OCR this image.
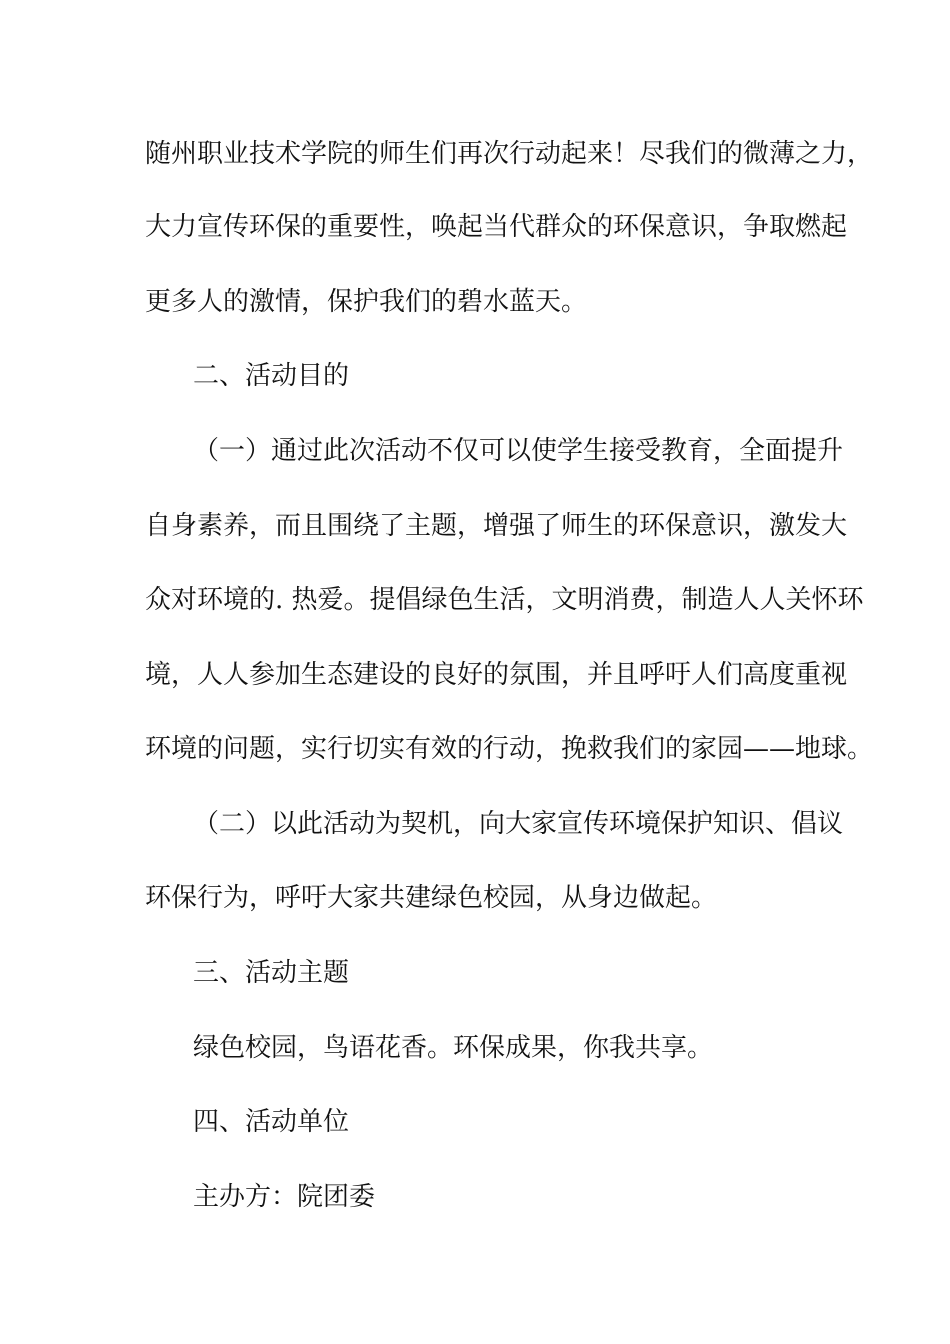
随州职业技术学院的师生们再次行动起来！尽我们的微薄之力，
大力宣传环保的重要性，唤起当代群众的环保意识，争取燃起
更多人的激情，保护我们的碧水蓝天。
二、活动目的
（一）通过此次活动不仅可以使学生接受教育，全面提升
自身素养，而且围绕了主题，增强了师生的环保意识，激发大
众对环境的. 热爱。提倡绿色生活，文明消费，制造人人关怀环
境，人人参加生态建设的良好的氛围，并且呼吁人们高度重视
环境的问题，实行切实有效的行动，挽救我们的家园——地球。
（二）以此活动为契机，向大家宣传环境保护知识、倡议
环保行为，呼吁大家共建绿色校园，从身边做起。
三、活动主题
绿色校园，鸟语花香。环保成果，你我共享。
四、活动单位
主办方：院团委
